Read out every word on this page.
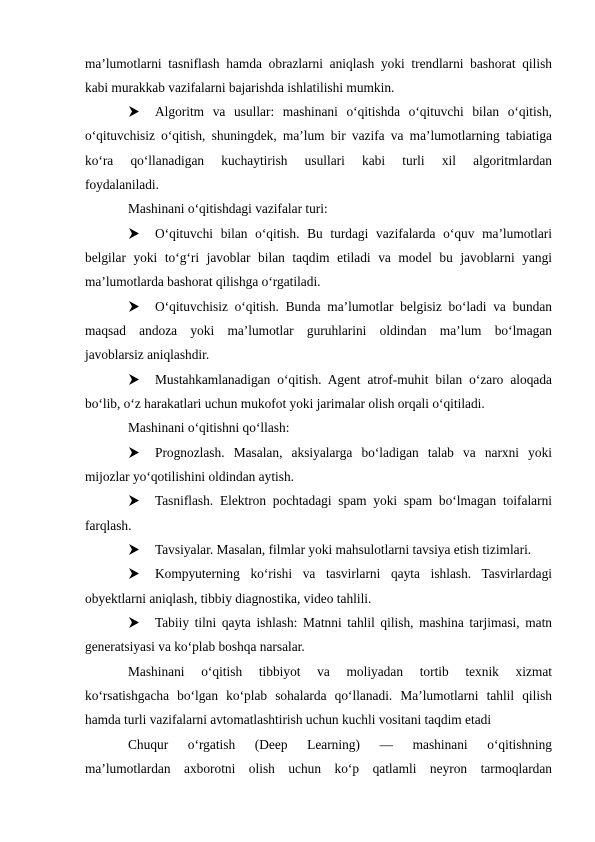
ma’lumotlarni tasniflash hamda obrazlarni aniqlash yoki trendlarni bashorat qilish
kabi murakkab vazifalarni bajarishda ishlatilishi mumkin.
Algoritm va usullar: mashinani o‘qitishda o‘qituvchi bilan o‘qitish,
o‘qituvchisiz o‘qitish, shuningdek, ma’lum bir vazifa va ma’lumotlarning tabiatiga
ko‘ra qo‘llanadigan kuchaytirish usullari kabi turli xil algoritmlardan
foydalaniladi.
Mashinani o‘qitishdagi vazifalar turi:
O‘qituvchi bilan o‘qitish. Bu turdagi vazifalarda o‘quv ma’lumotlari
belgilar yoki to‘g‘ri javoblar bilan taqdim etiladi va model bu javoblarni yangi
ma’lumotlarda bashorat qilishga o‘rgatiladi.
O‘qituvchisiz o‘qitish. Bunda ma’lumotlar belgisiz bo‘ladi va bundan
maqsad andoza yoki ma’lumotlar guruhlarini oldindan ma’lum bo‘lmagan
javoblarsiz aniqlashdir.
Mustahkamlanadigan o‘qitish. Agent atrof-muhit bilan o‘zaro aloqada
bo‘lib, o‘z harakatlari uchun mukofot yoki jarimalar olish orqali o‘qitiladi.
Mashinani o‘qitishni qo‘llash:
Prognozlash. Masalan, aksiyalarga bo‘ladigan talab va narxni yoki
mijozlar yo‘qotilishini oldindan aytish.
Tasniflash. Elektron pochtadagi spam yoki spam bo‘lmagan toifalarni
farqlash.
Tavsiyalar. Masalan, filmlar yoki mahsulotlarni tavsiya etish tizimlari.
Kompyuterning ko‘rishi va tasvirlarni qayta ishlash. Tasvirlardagi
obyektlarni aniqlash, tibbiy diagnostika, video tahlili.
Tabiiy tilni qayta ishlash: Matnni tahlil qilish, mashina tarjimasi, matn
generatsiyasi va ko‘plab boshqa narsalar.
Mashinani o‘qitish tibbiyot va moliyadan tortib texnik xizmat
ko‘rsatishgacha bo‘lgan ko‘plab sohalarda qo‘llanadi. Ma’lumotlarni tahlil qilish
hamda turli vazifalarni avtomatlashtirish uchun kuchli vositani taqdim etadi
Chuqur o‘rgatish (Deep Learning) — mashinani o‘qitishning
ma’lumotlardan axborotni olish uchun ko‘p qatlamli neyron tarmoqlardan
